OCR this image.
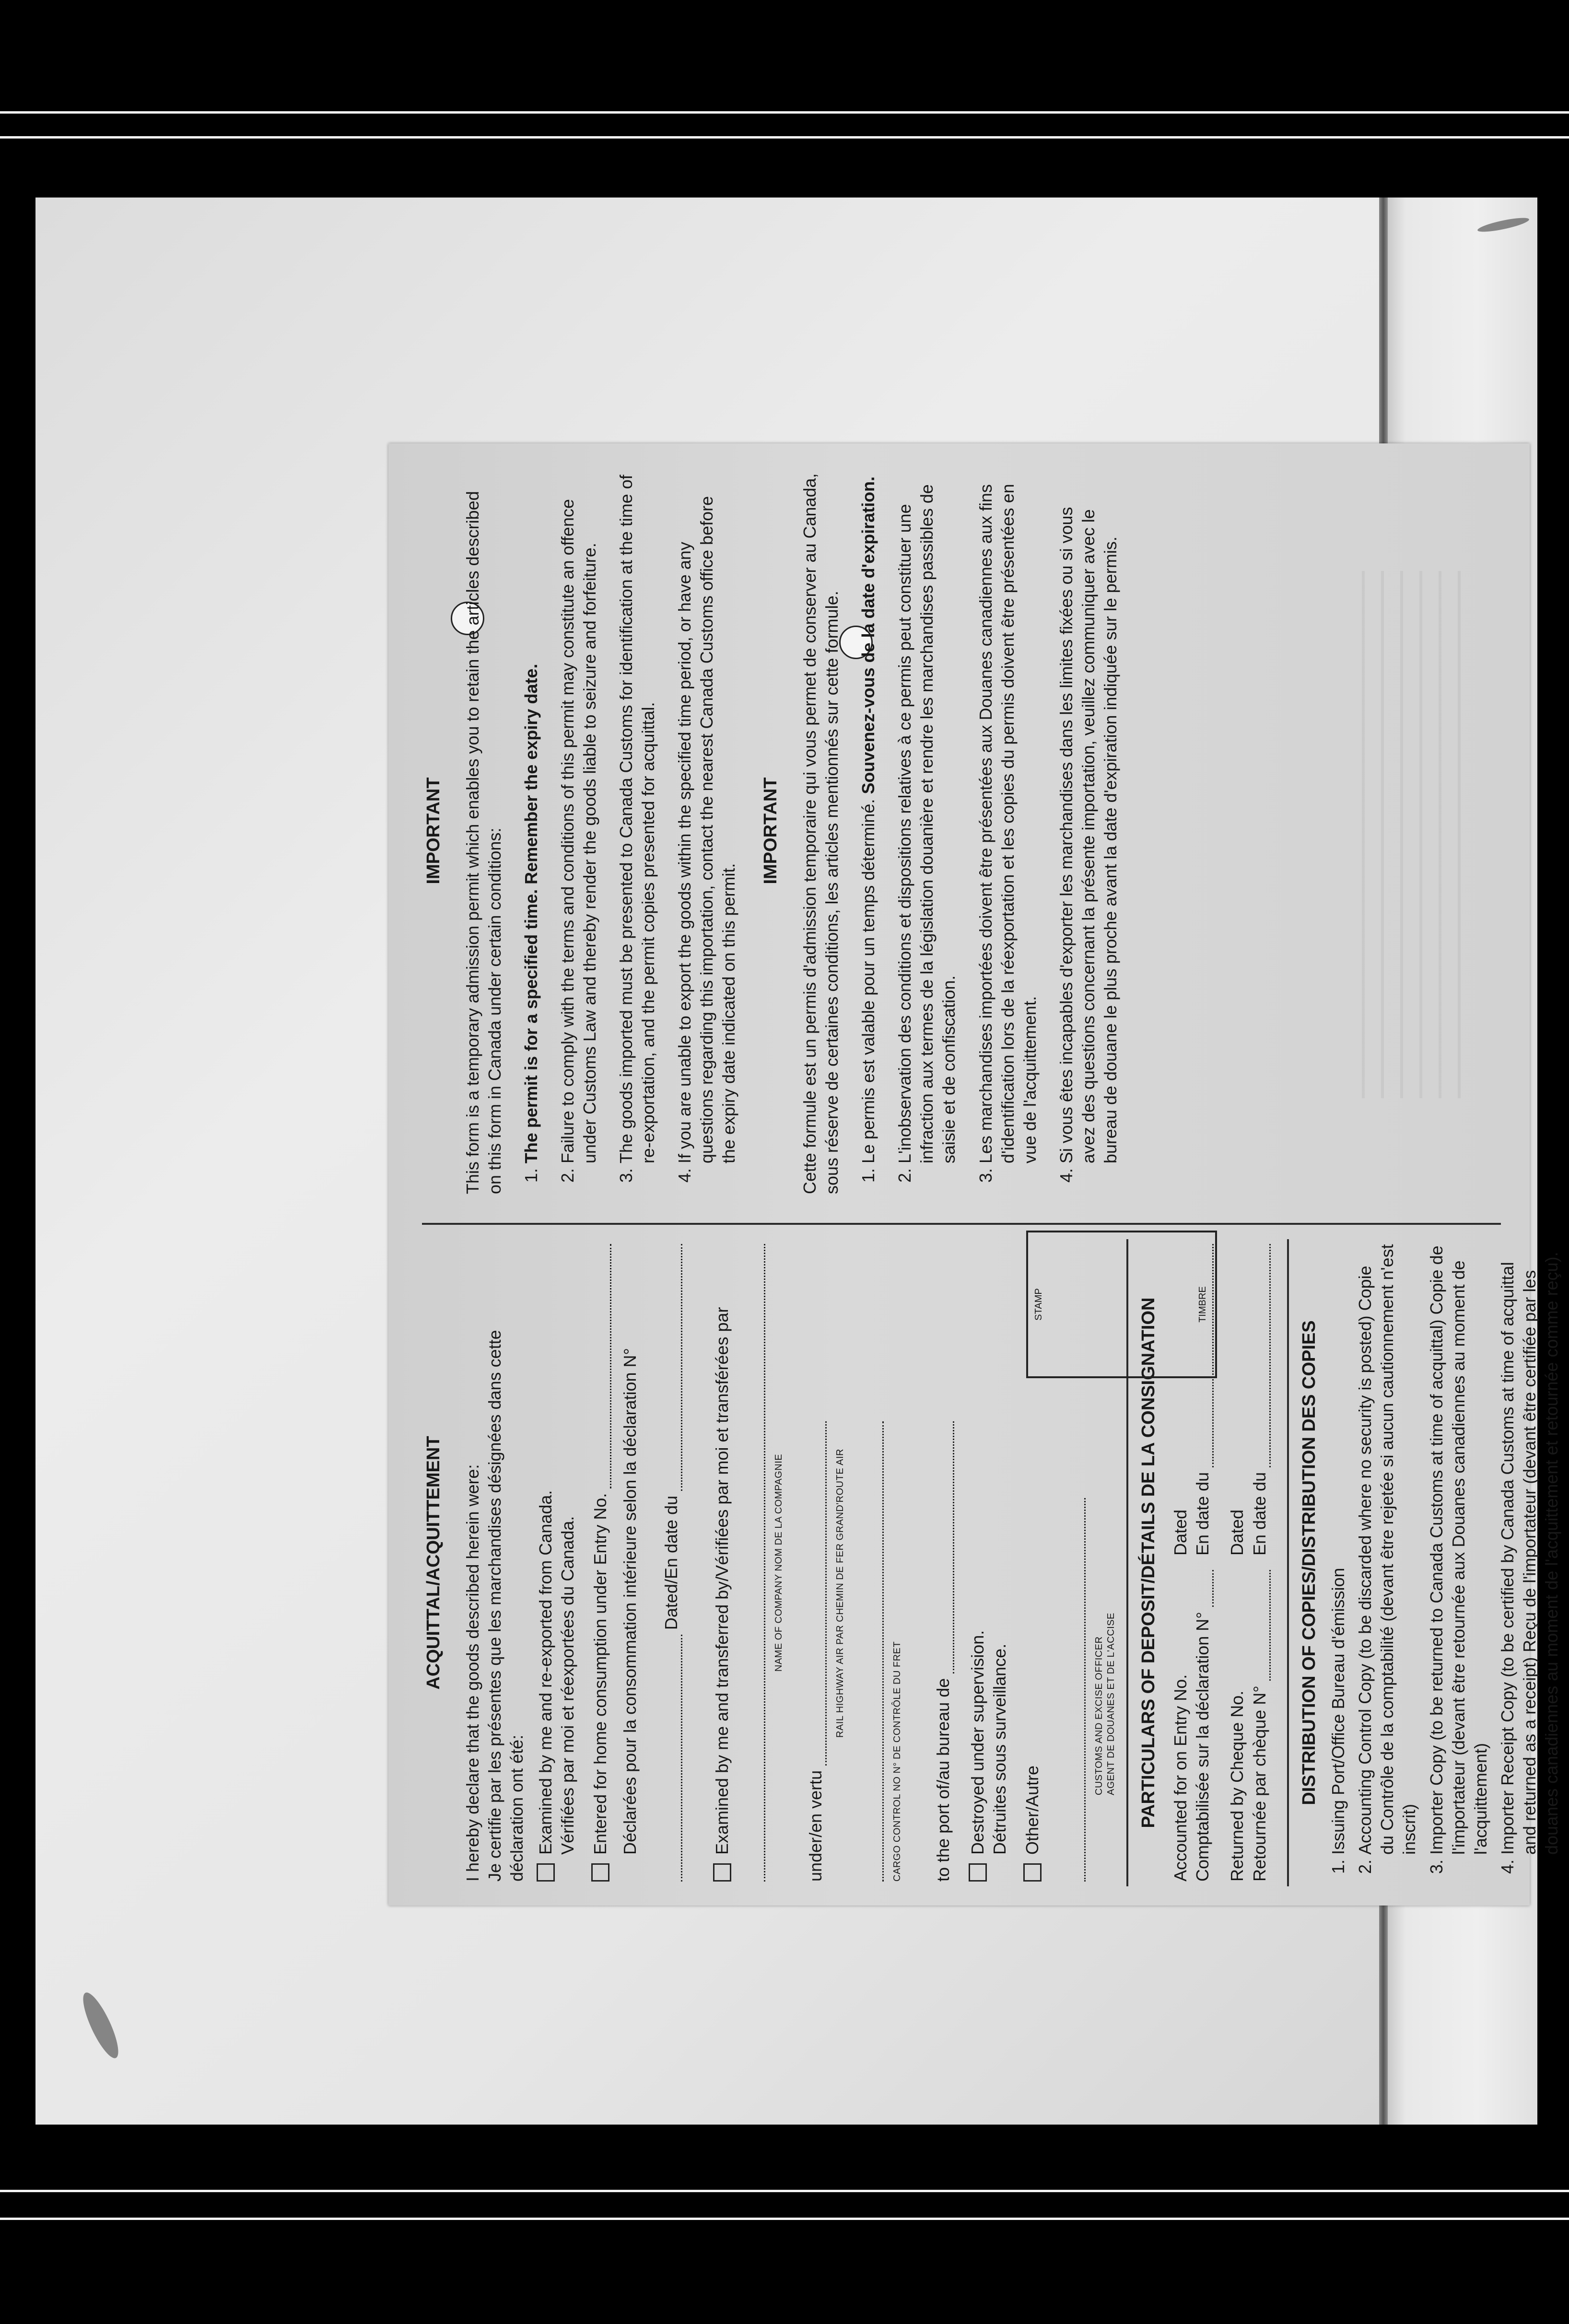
ACQUITTAL/ACQUITTEMENT I hereby declare that the goods described herein were: Je certifie par les présentes que les marchandises désignées dans cette déclaration ont été: Examined by me and re-exported from Canada. Vérifiées par moi et réexportées du Canada. Entered for home consumption under Entry No. Déclarées pour la consommation intérieure selon la déclaration N° Dated/En date du Examined by me and transferred by/Vérifiées par moi et transférées par	NAME OF COMPANY NOM DE LA COMPAGNIE
under/en vertu
RAIL HIGHWAY AIR PAR CHEMIN DE FER GRAND'ROUTE AIR
CARGO CONTROL NO N° DE CONTRÔLE DU FRET to the port of/au bureau de Destroyed under supervision. Détruites sous surveillance. Other/Autre
CUSTOMS AND EXCISE OFFICER AGENT DE DOUANES ET DE L'ACCISE
STAMP	TIMBRE
PARTICULARS OF DEPOSIT/DÉTAILS DE LA CONSIGNATION Accounted for on Entry No. Comptabilisée sur la déclaration N°
Dated En date du
Returned by Cheque No. Retournée par chèque N°
Dated En date du DISTRIBUTION OF COPIES/DISTRIBUTION DES COPIES 1. Issuing Port/Office Bureau d'émission 2. Accounting Control Copy (to be discarded where no security is posted) Copie du Contrôle de la comptabilité (devant être rejetée si aucun cautionnement n'est inscrit) 3. Importer Copy (to be returned to Canada Customs at time of acquittal) Copie de l'importateur (devant être retournée aux Douanes canadiennes au moment de l'acquittement) 4. Importer Receipt Copy (to be certified by Canada Customs at time of acquittal and returned as a receipt) Reçu de l'importateur (devant être certifiée par les douanes canadiennes au moment de l'acquittement et retournée comme reçu).
IMPORTANT This form is a temporary admission permit which enables you to retain the articles described on this form in Canada under certain conditions: 1. The permit is for a specified time. Remember the expiry date. 2. Failure to comply with the terms and conditions of this permit may constitute an offence under Customs Law and thereby render the goods liable to seizure and forfeiture. 3. The goods imported must be presented to Canada Customs for identification at the time of re-exportation, and the permit copies presented for acquittal. 4. If you are unable to export the goods within the specified time period, or have any questions regarding this importation, contact the nearest Canada Customs office before the expiry date indicated on this permit.
IMPORTANT Cette formule est un permis d'admission temporaire qui vous permet de conserver au Canada, sous réserve de certaines conditions, les articles mentionnés sur cette formule. 1. Le permis est valable pour un temps déterminé. Souvenez-vous de la date d'expiration. 2. L'inobservation des conditions et dispositions relatives à ce permis peut constituer une infraction aux termes de la législation douanière et rendre les marchandises passibles de saisie et de confiscation. 3. Les marchandises importées doivent être présentées aux Douanes canadiennes aux fins d'identification lors de la réexportation et les copies du permis doivent être présentées en vue de l'acquittement. 4. Si vous êtes incapables d'exporter les marchandises dans les limites fixées ou si vous avez des questions concernant la présente importation, veuillez communiquer avec le bureau de douane le plus proche avant la date d'expiration indiquée sur le permis.
